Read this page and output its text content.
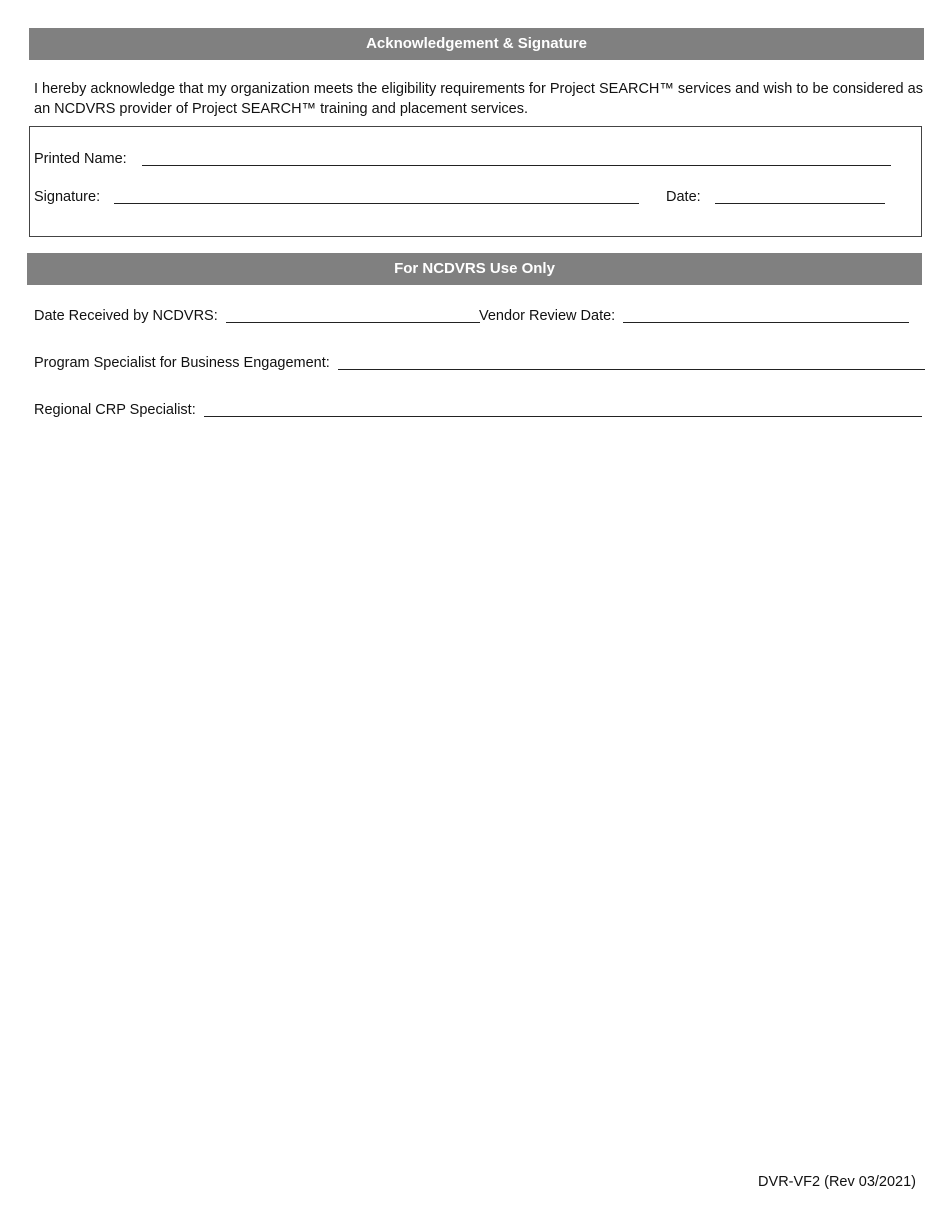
Acknowledgement & Signature

I hereby acknowledge that my organization meets the eligibility requirements for Project SEARCH™ services and wish to be considered as an NCDVRS provider of Project SEARCH™ training and placement services.

Printed Name:
Signature:	Date:
For NCDVRS Use Only
Date Received by NCDVRS:	Vendor Review Date:
Program Specialist for Business Engagement:
Regional CRP Specialist:
DVR-VF2 (Rev 03/2021)
